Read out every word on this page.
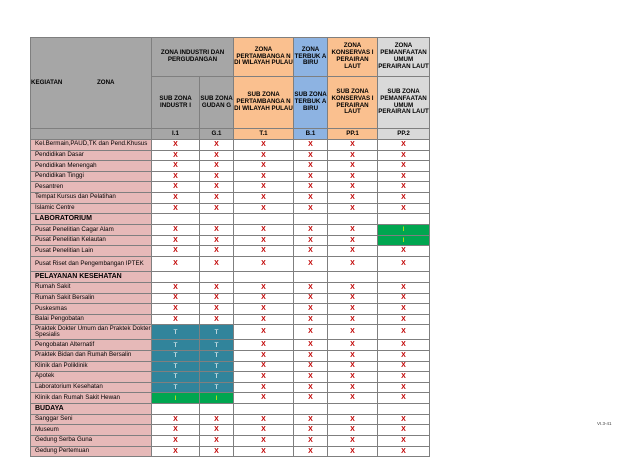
KEGIATAN ZONA	ZONA INDUSTRI DAN PERGUDANGAN		ZONA PERTAMBANGA N DI WILAYAH PULAU	ZONA TERBUK A BIRU	ZONA KONSERVAS I PERAIRAN LAUT	ZONA PEMANFAATAN UMUM PERAIRAN LAUT	
	SUB ZONA INDUSTR I	SUB ZONA GUDAN G	SUB ZONA PERTAMBANGA N DI WILAYAH PULAU	SUB ZONA TERBUK A BIRU	SUB ZONA KONSERVAS I PERAIRAN LAUT	SUB ZONA PEMANFAATAN UMUM PERAIRAN LAUT	
	I.1	G.1	T.1	B.1	PP.1	PP.2	
Kel.Bermain,PAUD,TK dan Pend.Khusus	X	X	X	X	X	X	
Pendidikan Dasar	X	X	X	X	X	X	
Pendidikan Menengah	X	X	X	X	X	X	
Pendidikan Tinggi	X	X	X	X	X	X	
Pesantren	X	X	X	X	X	X	
Tempat Kursus dan Pelatihan	X	X	X	X	X	X	
Islamic Centre	X	X	X	X	X	X	
LABORATORIUM							
Pusat Penelitian Cagar Alam	X	X	X	X	X	I	
Pusat Penelitian Kelautan	X	X	X	X	X	I	
Pusat Penelitian Lain	X	X	X	X	X	X	
Pusat Riset dan Pengembangan IPTEK	X	X	X	X	X	X	
PELAYANAN KESEHATAN							
Rumah Sakit	X	X	X	X	X	X	
Rumah Sakit Bersalin	X	X	X	X	X	X	
Puskesmas	X	X	X	X	X	X	
Balai Pengobatan	X	X	X	X	X	X	
Praktek Dokter Umum dan Praktek Dokter Spesialis	T	T	X	X	X	X	
Pengobatan Alternatif	T	T	X	X	X	X	
Praktek Bidan dan Rumah Bersalin	T	T	X	X	X	X	
Klinik dan Poliklinik	T	T	X	X	X	X	
Apotek	T	T	X	X	X	X	
Laboratorium Kesehatan	T	T	X	X	X	X	
Klinik dan Rumah Sakit Hewan	I	I	X	X	X	X	
BUDAYA							
Sanggar Seni	X	X	X	X	X	X	
Museum	X	X	X	X	X	X	
Gedung Serba Guna	X	X	X	X	X	X	
Gedung Pertemuan	X	X	X	X	X	X	
VI.3-41
